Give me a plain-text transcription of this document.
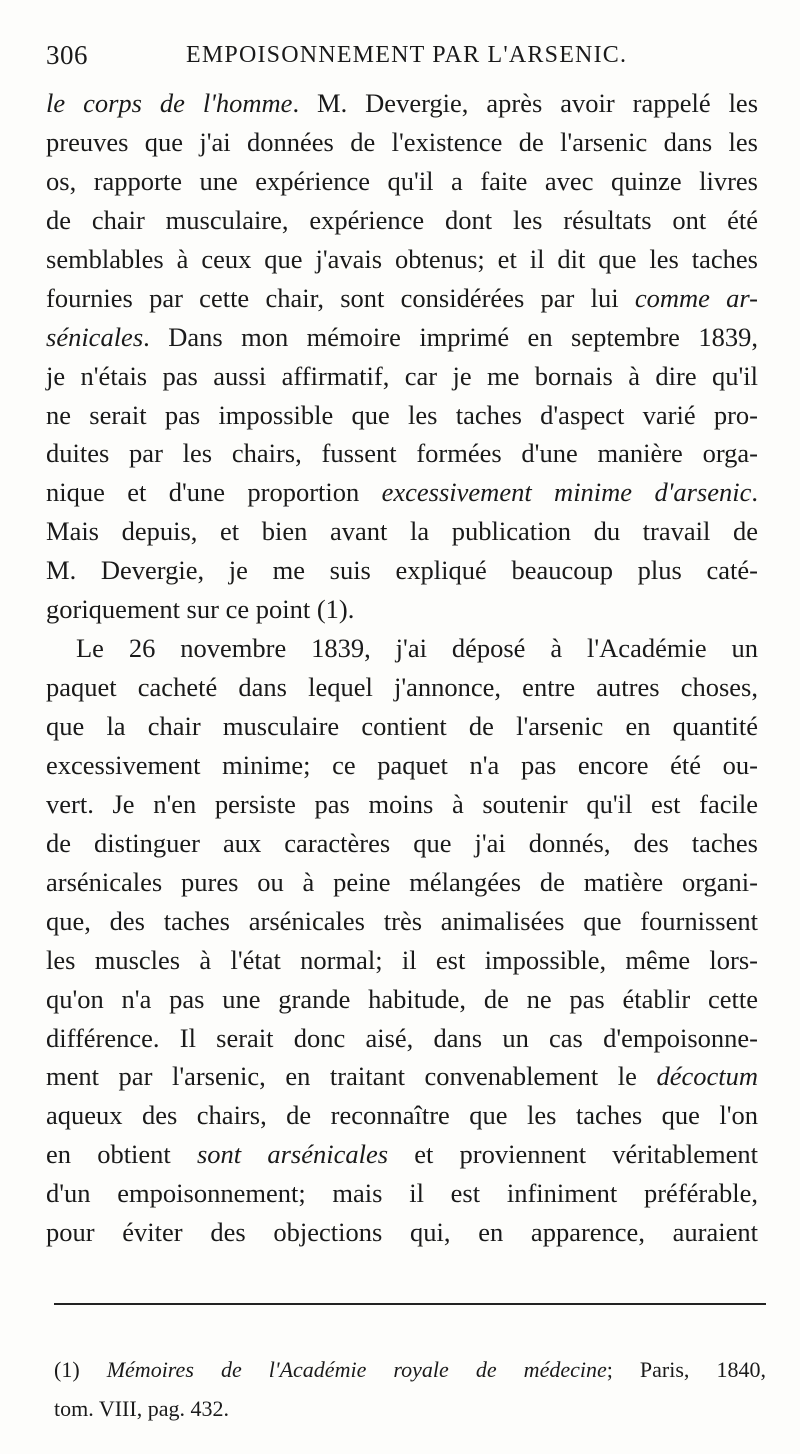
306	EMPOISONNEMENT PAR L'ARSENIC.
le corps de l'homme. M. Devergie, après avoir rappelé les
preuves que j'ai données de l'existence de l'arsenic dans les
os, rapporte une expérience qu'il a faite avec quinze livres
de chair musculaire, expérience dont les résultats ont été
semblables à ceux que j'avais obtenus; et il dit que les taches
fournies par cette chair, sont considérées par lui comme ar-
sénicales. Dans mon mémoire imprimé en septembre 1839,
je n'étais pas aussi affirmatif, car je me bornais à dire qu'il
ne serait pas impossible que les taches d'aspect varié pro-
duites par les chairs, fussent formées d'une manière orga-
nique et d'une proportion excessivement minime d'arsenic.
Mais depuis, et bien avant la publication du travail de
M. Devergie, je me suis expliqué beaucoup plus caté-
goriquement sur ce point (1).
Le 26 novembre 1839, j'ai déposé à l'Académie un
paquet cacheté dans lequel j'annonce, entre autres choses,
que la chair musculaire contient de l'arsenic en quantité
excessivement minime; ce paquet n'a pas encore été ou-
vert. Je n'en persiste pas moins à soutenir qu'il est facile
de distinguer aux caractères que j'ai donnés, des taches
arsénicales pures ou à peine mélangées de matière organi-
que, des taches arsénicales très animalisées que fournissent
les muscles à l'état normal; il est impossible, même lors-
qu'on n'a pas une grande habitude, de ne pas établir cette
différence. Il serait donc aisé, dans un cas d'empoisonne-
ment par l'arsenic, en traitant convenablement le décoctum
aqueux des chairs, de reconnaître que les taches que l'on
en obtient sont arsénicales et proviennent véritablement
d'un empoisonnement; mais il est infiniment préférable,
pour éviter des objections qui, en apparence, auraient
(1) Mémoires de l'Académie royale de médecine; Paris, 1840,
tom. VIII, pag. 432.
